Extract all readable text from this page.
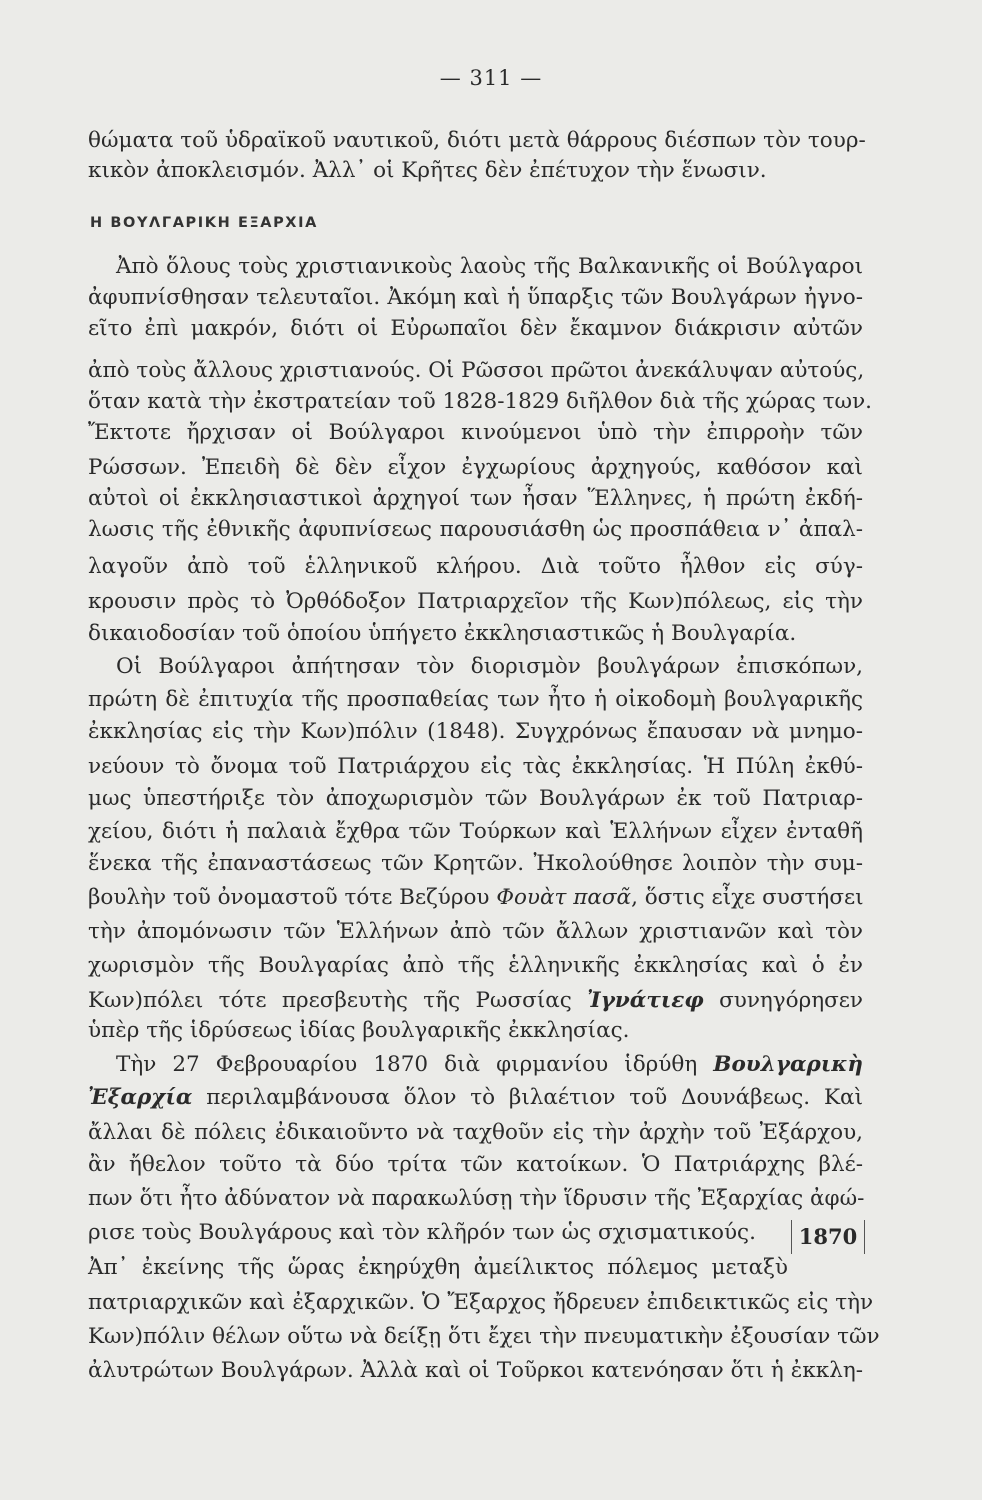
— 311 —
θώματα τοῦ ὑδραϊκοῦ ναυτικοῦ, διότι μετὰ θάρρους διέσπων τὸν τουρ-
κικὸν ἀποκλεισμόν. Ἀλλ᾽ οἱ Κρῆτες δὲν ἐπέτυχον τὴν ἕνωσιν.
Η ΒΟΥΛΓΑΡΙΚΗ ΕΞΑΡΧΙΑ
Ἀπὸ ὅλους τοὺς χριστιανικοὺς λαοὺς τῆς Βαλκανικῆς οἱ Βούλγαροι
ἀφυπνίσθησαν τελευταῖοι. Ἀκόμη καὶ ἡ ὕπαρξις τῶν Βουλγάρων ἠγνο-
εῖτο ἐπὶ μακρόν, διότι οἱ Εὐρωπαῖοι δὲν ἔκαμνον διάκρισιν αὐτῶν
ἀπὸ τοὺς ἄλλους χριστιανούς. Οἱ Ρῶσσοι πρῶτοι ἀνεκάλυψαν αὐτούς,
ὅταν κατὰ τὴν ἐκστρατείαν τοῦ 1828-1829 διῆλθον διὰ τῆς χώρας των.
Ἔκτοτε ἤρχισαν οἱ Βούλγαροι κινούμενοι ὑπὸ τὴν ἐπιρροὴν τῶν
Ρώσσων. Ἐπειδὴ δὲ δὲν εἶχον ἐγχωρίους ἀρχηγούς, καθόσον καὶ
αὐτοὶ οἱ ἐκκλησιαστικοὶ ἀρχηγοί των ἦσαν Ἕλληνες, ἡ πρώτη ἐκδή-
λωσις τῆς ἐθνικῆς ἀφυπνίσεως παρουσιάσθη ὡς προσπάθεια ν᾽ ἀπαλ-
λαγοῦν ἀπὸ τοῦ ἑλληνικοῦ κλήρου. Διὰ τοῦτο ἦλθον εἰς σύγ-
κρουσιν πρὸς τὸ Ὀρθόδοξον Πατριαρχεῖον τῆς Κων)πόλεως, εἰς τὴν
δικαιοδοσίαν τοῦ ὁποίου ὑπήγετο ἐκκλησιαστικῶς ἡ Βουλγαρία.
Οἱ Βούλγαροι ἀπήτησαν τὸν διορισμὸν βουλγάρων ἐπισκόπων,
πρώτη δὲ ἐπιτυχία τῆς προσπαθείας των ἦτο ἡ οἰκοδομὴ βουλγαρικῆς
ἐκκλησίας εἰς τὴν Κων)πόλιν (1848). Συγχρόνως ἔπαυσαν νὰ μνημο-
νεύουν τὸ ὄνομα τοῦ Πατριάρχου εἰς τὰς ἐκκλησίας. Ἡ Πύλη ἐκθύ-
μως ὑπεστήριξε τὸν ἀποχωρισμὸν τῶν Βουλγάρων ἐκ τοῦ Πατριαρ-
χείου, διότι ἡ παλαιὰ ἔχθρα τῶν Τούρκων καὶ Ἑλλήνων εἶχεν ἐνταθῆ
ἕνεκα τῆς ἐπαναστάσεως τῶν Κρητῶν. Ἠκολούθησε λοιπὸν τὴν συμ-
βουλὴν τοῦ ὀνομαστοῦ τότε Βεζύρου Φουὰτ πασᾶ, ὅστις εἶχε συστήσει
τὴν ἀπομόνωσιν τῶν Ἑλλήνων ἀπὸ τῶν ἄλλων χριστιανῶν καὶ τὸν
χωρισμὸν τῆς Βουλγαρίας ἀπὸ τῆς ἑλληνικῆς ἐκκλησίας καὶ ὁ ἐν
Κων)πόλει τότε πρεσβευτὴς τῆς Ρωσσίας Ἰγνάτιεφ συνηγόρησεν
ὑπὲρ τῆς ἱδρύσεως ἰδίας βουλγαρικῆς ἐκκλησίας.
Τὴν 27 Φεβρουαρίου 1870 διὰ φιρμανίου ἱδρύθη Βουλγαρικὴ
Ἐξαρχία περιλαμβάνουσα ὅλον τὸ βιλαέτιον τοῦ Δουνάβεως. Καὶ
ἄλλαι δὲ πόλεις ἐδικαιοῦντο νὰ ταχθοῦν εἰς τὴν ἀρχὴν τοῦ Ἐξάρχου,
ἂν ἤθελον τοῦτο τὰ δύο τρίτα τῶν κατοίκων. Ὁ Πατριάρχης βλέ-
πων ὅτι ἦτο ἀδύνατον νὰ παρακωλύσῃ τὴν ἵδρυσιν τῆς Ἐξαρχίας ἀφώ-
ρισε τοὺς Βουλγάρους καὶ τὸν κλῆρόν των ὡς σχισματικούς.
Ἀπ᾽ ἐκείνης τῆς ὥρας ἐκηρύχθη ἀμείλικτος πόλεμος μεταξὺ
πατριαρχικῶν καὶ ἐξαρχικῶν. Ὁ Ἔξαρχος ἤδρευεν ἐπιδεικτικῶς εἰς τὴν
Κων)πόλιν θέλων οὕτω νὰ δείξῃ ὅτι ἔχει τὴν πνευματικὴν ἐξουσίαν τῶν
ἀλυτρώτων Βουλγάρων. Ἀλλὰ καὶ οἱ Τοῦρκοι κατενόησαν ὅτι ἡ ἐκκλη-
1870
